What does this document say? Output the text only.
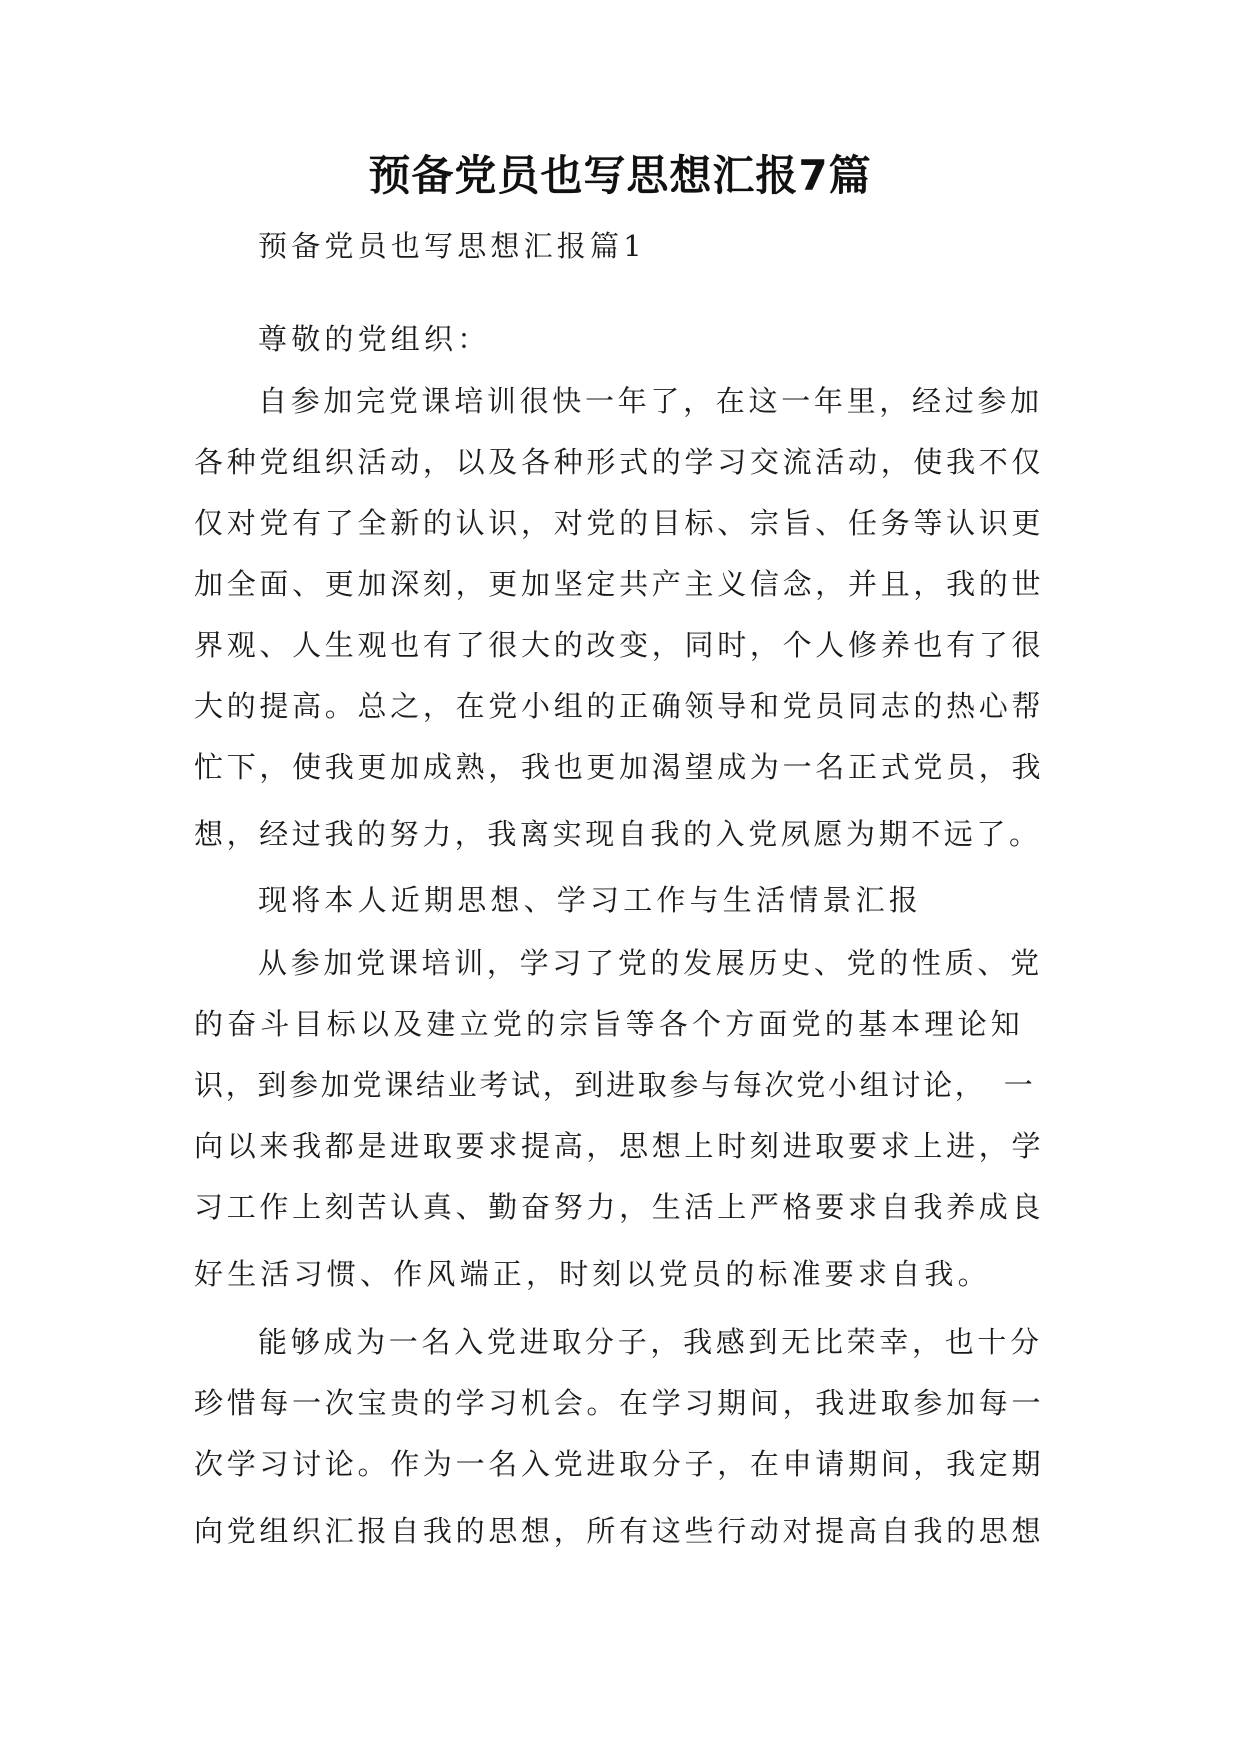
预备党员也写思想汇报7篇

预备党员也写思想汇报篇1

尊敬的党组织：

自参加完党课培训很快一年了，在这一年里，经过参加

各种党组织活动，以及各种形式的学习交流活动，使我不仅

仅对党有了全新的认识，对党的目标、宗旨、任务等认识更

加全面、更加深刻，更加坚定共产主义信念，并且，我的世

界观、人生观也有了很大的改变，同时，个人修养也有了很

大的提高。总之，在党小组的正确领导和党员同志的热心帮

忙下，使我更加成熟，我也更加渴望成为一名正式党员，我

想，经过我的努力，我离实现自我的入党夙愿为期不远了。

现将本人近期思想、学习工作与生活情景汇报

从参加党课培训，学习了党的发展历史、党的性质、党

的奋斗目标以及建立党的宗旨等各个方面党的基本理论知

识，到参加党课结业考试，到进取参与每次党小组讨论，　一

向以来我都是进取要求提高，思想上时刻进取要求上进，学

习工作上刻苦认真、勤奋努力，生活上严格要求自我养成良

好生活习惯、作风端正，时刻以党员的标准要求自我。

能够成为一名入党进取分子，我感到无比荣幸，也十分

珍惜每一次宝贵的学习机会。在学习期间，我进取参加每一

次学习讨论。作为一名入党进取分子，在申请期间，我定期

向党组织汇报自我的思想，所有这些行动对提高自我的思想
